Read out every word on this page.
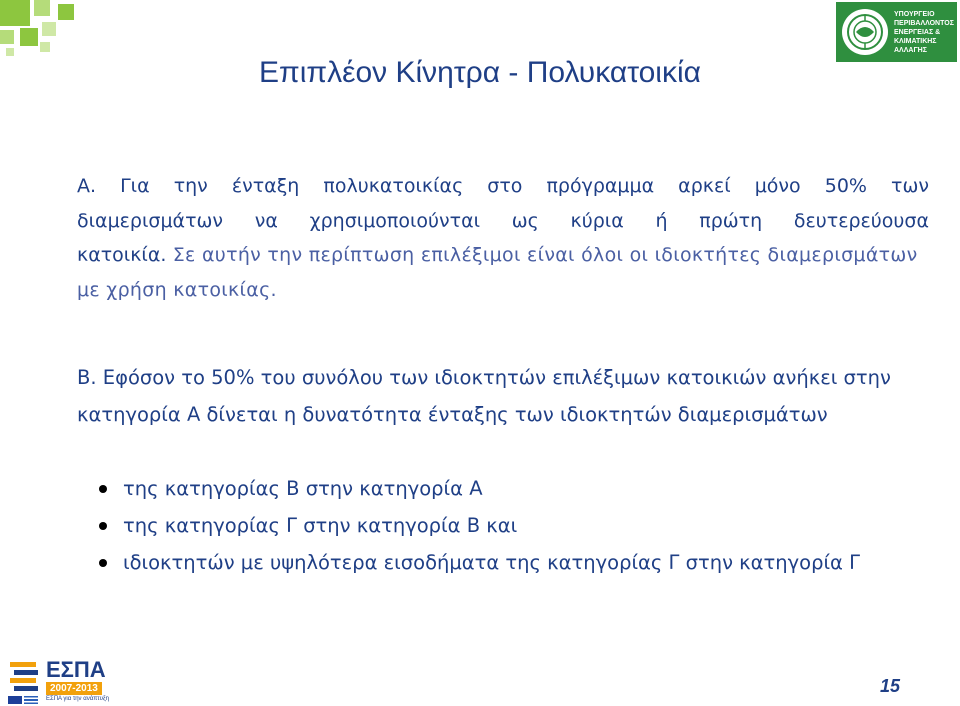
ΥΠΟΥΡΓΕΙΟ
ΠΕΡΙΒΑΛΛΟΝΤΟΣ
ΕΝΕΡΓΕΙΑΣ &
ΚΛΙΜΑΤΙΚΗΣ
ΑΛΛΑΓΗΣ
Επιπλέον Κίνητρα - Πολυκατοικία
Α. Για την ένταξη πολυκατοικίας στο πρόγραμμα αρκεί μόνο 50% των
διαμερισμάτων να χρησιμοποιούνται ως κύρια ή πρώτη δευτερεύουσα
κατοικία. Σε αυτήν την περίπτωση επιλέξιμοι είναι όλοι οι ιδιοκτήτες διαμερισμάτων με χρήση κατοικίας.
Β. Εφόσον το 50% του συνόλου των ιδιοκτητών επιλέξιμων κατοικιών ανήκει στην κατηγορία Α δίνεται η δυνατότητα ένταξης των ιδιοκτητών διαμερισμάτων
της κατηγορίας Β στην κατηγορία Α
της κατηγορίας Γ στην κατηγορία Β και
ιδιοκτητών με υψηλότερα εισοδήματα της κατηγορίας Γ στην κατηγορία Γ
ΕΣΠΑ
2007-2013
ΕΣΠΑ για την ανάπτυξη
15
